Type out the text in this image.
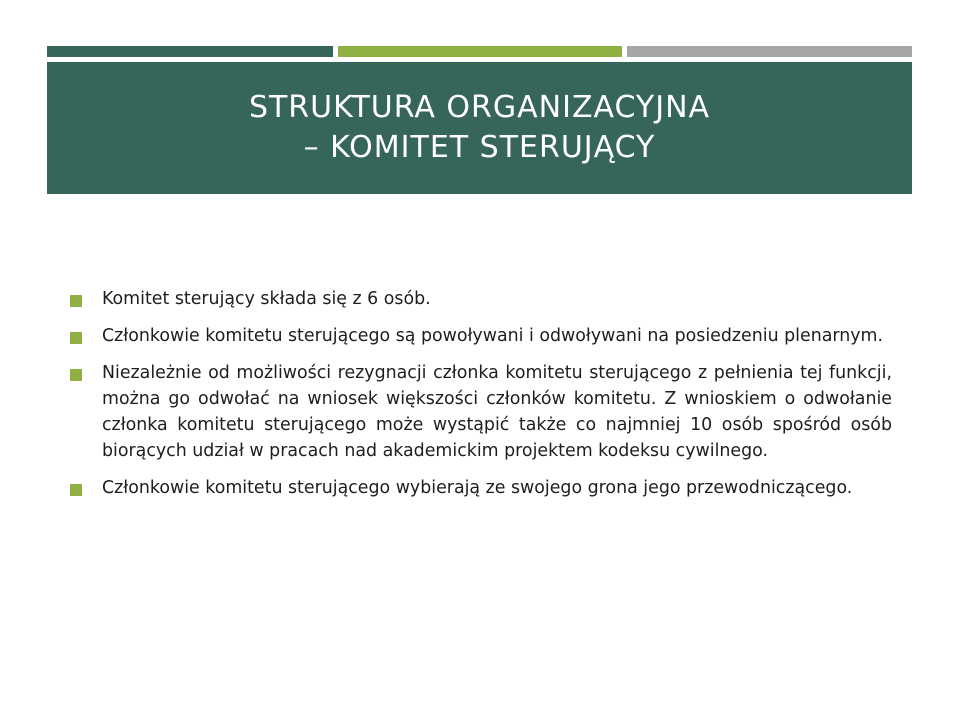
STRUKTURA ORGANIZACYJNA
– KOMITET STERUJĄCY
Komitet sterujący składa się z 6 osób.
Członkowie komitetu sterującego są powoływani i odwoływani na posiedzeniu plenarnym.
Niezależnie od możliwości rezygnacji członka komitetu sterującego z pełnienia tej funkcji, można go odwołać na wniosek większości członków komitetu. Z wnioskiem o odwołanie członka komitetu sterującego może wystąpić także co najmniej 10 osób spośród osób biorących udział w pracach nad akademickim projektem kodeksu cywilnego.
Członkowie komitetu sterującego wybierają ze swojego grona jego przewodniczącego.
